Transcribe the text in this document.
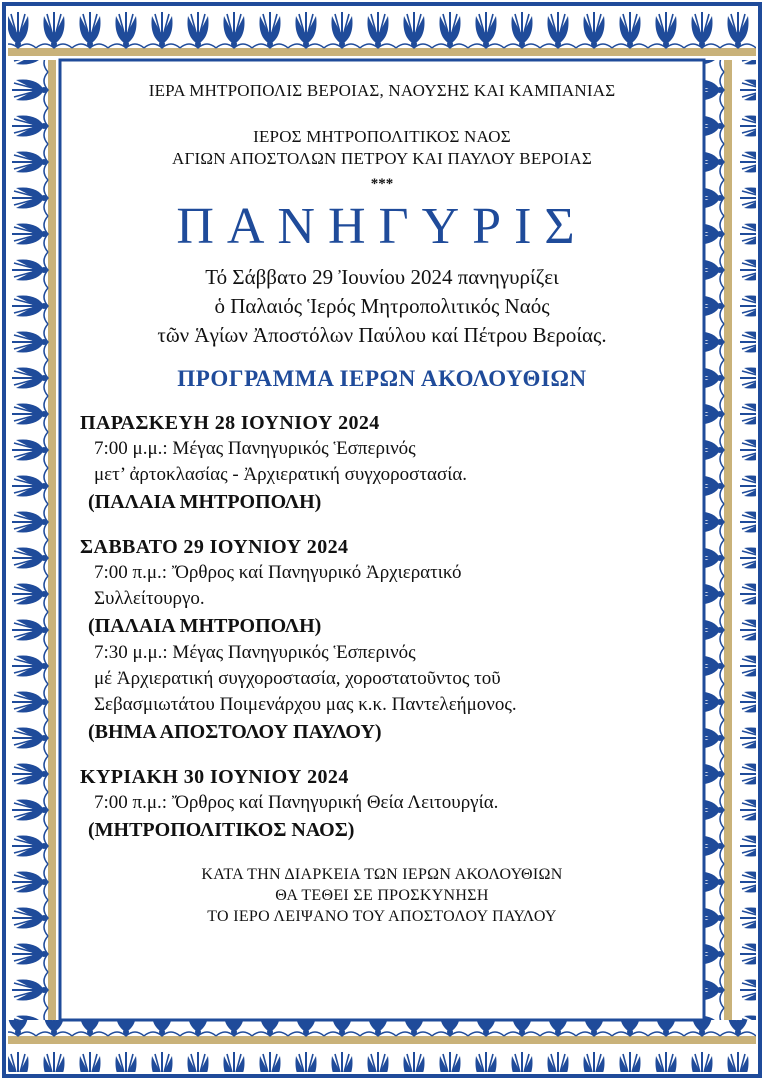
ΙΕΡΑ ΜΗΤΡΟΠΟΛΙΣ ΒΕΡΟΙΑΣ, ΝΑΟΥΣΗΣ ΚΑΙ ΚΑΜΠΑΝΙΑΣ

ΙΕΡΟΣ ΜΗΤΡΟΠΟΛΙΤΙΚΟΣ ΝΑΟΣ

ΑΓΙΩΝ ΑΠΟΣΤΟΛΩΝ ΠΕΤΡΟΥ ΚΑΙ ΠΑΥΛΟΥ ΒΕΡΟΙΑΣ

***
ΠΑΝΗΓΥΡΙΣ
Τό Σάββατο 29 Ἰουνίου 2024 πανηγυρίζει
ὁ Παλαιός Ἱερός Μητροπολιτικός Ναός
τῶν Ἁγίων Ἀποστόλων Παύλου καί Πέτρου Βεροίας.
ΠΡΟΓΡΑΜΜΑ ΙΕΡΩΝ ΑΚΟΛΟΥΘΙΩΝ
ΠΑΡΑΣΚΕΥΗ 28 ΙΟΥΝΙΟΥ 2024
7:00 μ.μ.: Μέγας Πανηγυρικός Ἑσπερινός
μετ’ ἀρτοκλασίας - Ἀρχιερατική συγχοροστασία.
(ΠΑΛΑΙΑ ΜΗΤΡΟΠΟΛΗ)
ΣΑΒΒΑΤΟ 29 ΙΟΥΝΙΟΥ 2024
7:00 π.μ.: Ὄρθρος καί Πανηγυρικό Ἀρχιερατικό
Συλλείτουργο.
(ΠΑΛΑΙΑ ΜΗΤΡΟΠΟΛΗ)
7:30 μ.μ.: Μέγας Πανηγυρικός Ἑσπερινός
μέ Ἀρχιερατική συγχοροστασία, χοροστατοῦντος τοῦ
Σεβασμιωτάτου Ποιμενάρχου μας κ.κ. Παντελεήμονος.
(ΒΗΜΑ ΑΠΟΣΤΟΛΟΥ ΠΑΥΛΟΥ)
ΚΥΡΙΑΚΗ 30 ΙΟΥΝΙΟΥ 2024
7:00 π.μ.: Ὄρθρος καί Πανηγυρική Θεία Λειτουργία.
(ΜΗΤΡΟΠΟΛΙΤΙΚΟΣ ΝΑΟΣ)
ΚΑΤΑ ΤΗΝ ΔΙΑΡΚΕΙΑ ΤΩΝ ΙΕΡΩΝ ΑΚΟΛΟΥΘΙΩΝ
ΘΑ ΤΕΘΕΙ ΣΕ ΠΡΟΣΚΥΝΗΣΗ
ΤΟ ΙΕΡΟ ΛΕΙΨΑΝΟ ΤΟΥ ΑΠΟΣΤΟΛΟΥ ΠΑΥΛΟΥ
